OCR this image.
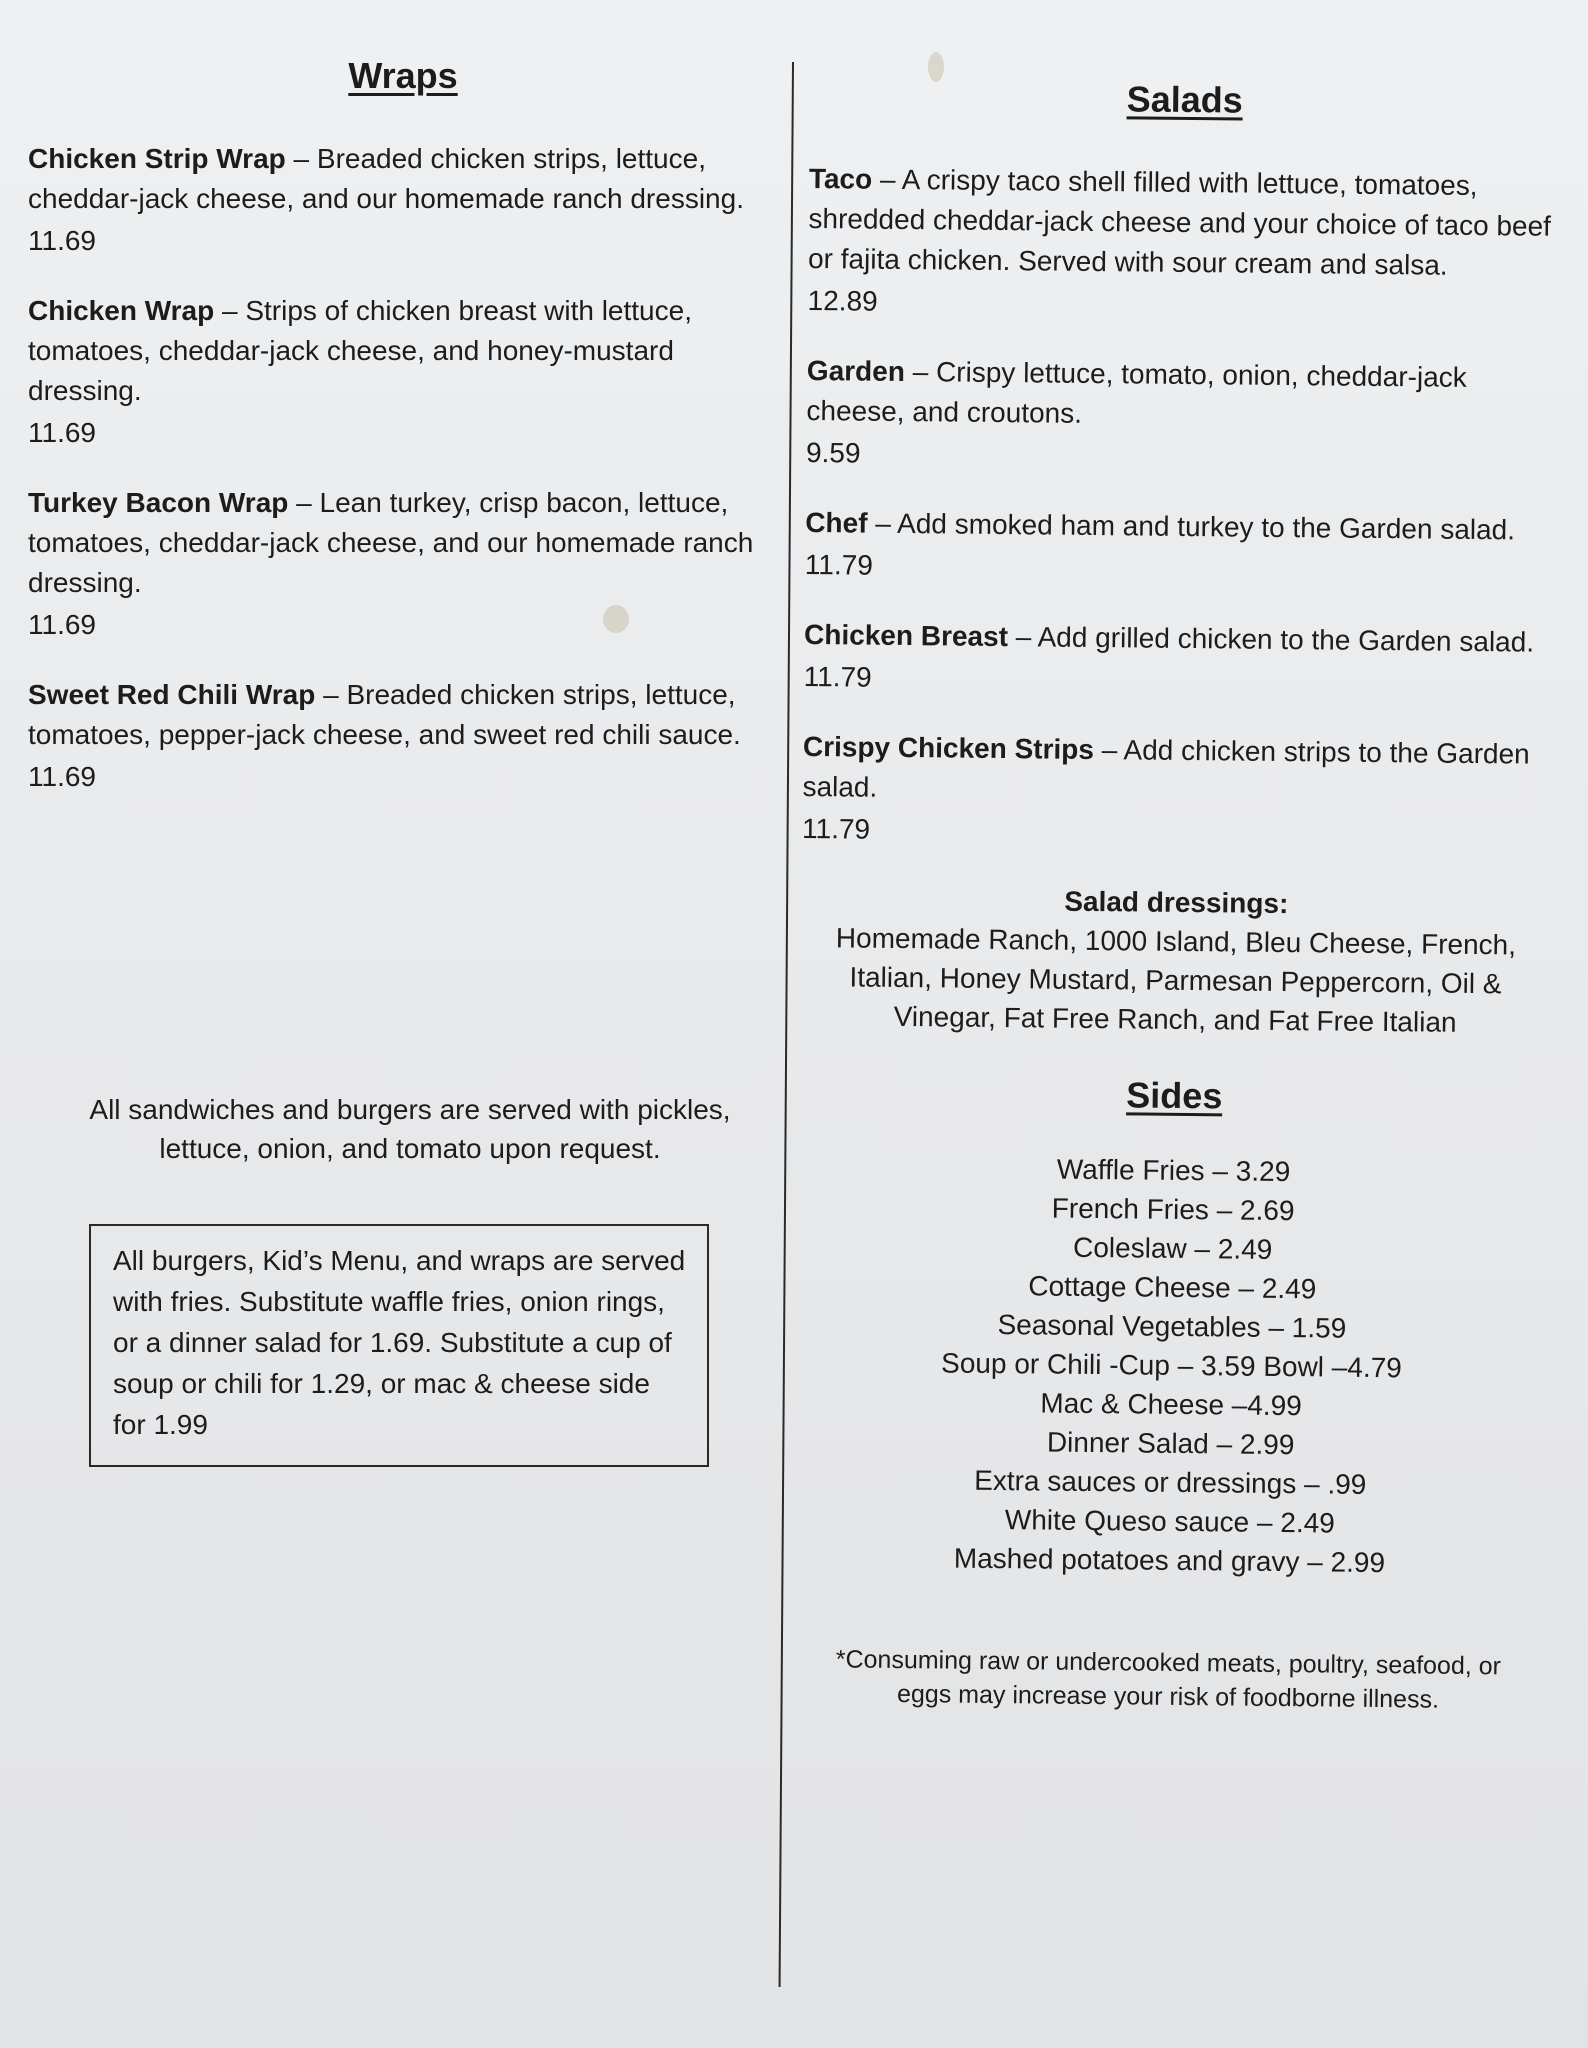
Wraps
Chicken Strip Wrap – Breaded chicken strips, lettuce, cheddar-jack cheese, and our homemade ranch dressing.
11.69
Chicken Wrap – Strips of chicken breast with lettuce, tomatoes, cheddar-jack cheese, and honey-mustard dressing.
11.69
Turkey Bacon Wrap – Lean turkey, crisp bacon, lettuce, tomatoes, cheddar-jack cheese, and our homemade ranch dressing.
11.69
Sweet Red Chili Wrap – Breaded chicken strips, lettuce, tomatoes, pepper-jack cheese, and sweet red chili sauce.
11.69
All sandwiches and burgers are served with pickles, lettuce, onion, and tomato upon request.
All burgers, Kid’s Menu, and wraps are served with fries. Substitute waffle fries, onion rings, or a dinner salad for 1.69. Substitute a cup of soup or chili for 1.29, or mac & cheese side for 1.99
Salads
Taco – A crispy taco shell filled with lettuce, tomatoes, shredded cheddar-jack cheese and your choice of taco beef or fajita chicken. Served with sour cream and salsa.
12.89
Garden – Crispy lettuce, tomato, onion, cheddar-jack cheese, and croutons.
9.59
Chef – Add smoked ham and turkey to the Garden salad.
11.79
Chicken Breast – Add grilled chicken to the Garden salad.
11.79
Crispy Chicken Strips – Add chicken strips to the Garden salad.
11.79
Salad dressings:
Homemade Ranch, 1000 Island, Bleu Cheese, French, Italian, Honey Mustard, Parmesan Peppercorn, Oil & Vinegar, Fat Free Ranch, and Fat Free Italian
Sides
Waffle Fries – 3.29
French Fries – 2.69
Coleslaw – 2.49
Cottage Cheese – 2.49
Seasonal Vegetables – 1.59
Soup or Chili -Cup – 3.59 Bowl –4.79
Mac & Cheese –4.99
Dinner Salad – 2.99
Extra sauces or dressings – .99
White Queso sauce – 2.49
Mashed potatoes and gravy – 2.99
*Consuming raw or undercooked meats, poultry, seafood, or eggs may increase your risk of foodborne illness.
